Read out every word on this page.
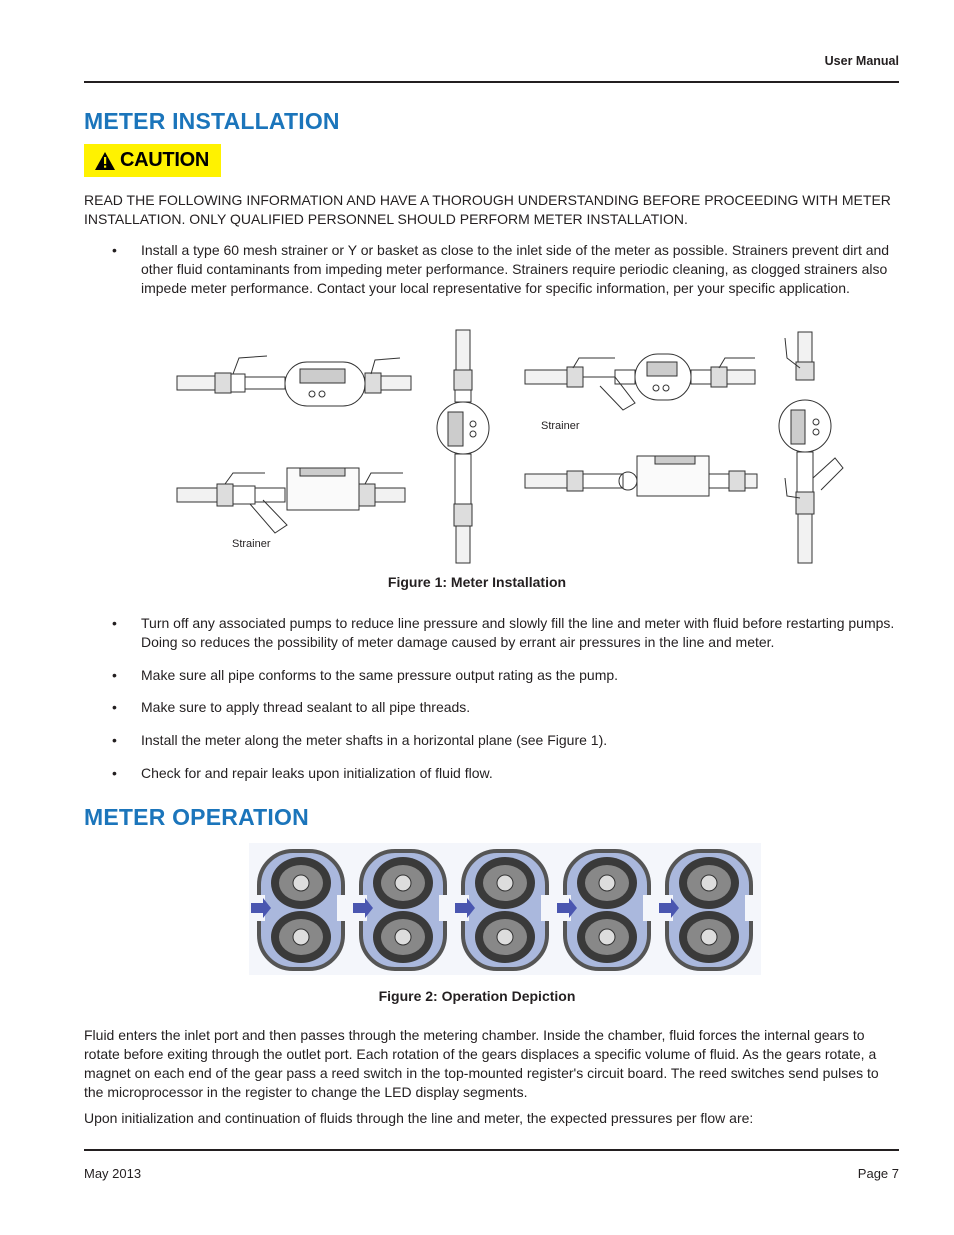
User Manual
METER INSTALLATION
CAUTION

READ THE FOLLOWING INFORMATION AND HAVE A THOROUGH UNDERSTANDING BEFORE PROCEEDING WITH METER INSTALLATION. ONLY QUALIFIED PERSONNEL SHOULD PERFORM METER INSTALLATION.

• Install a type 60 mesh strainer or Y or basket as close to the inlet side of the meter as possible. Strainers prevent dirt and other fluid contaminants from impeding meter performance. Strainers require periodic cleaning, as clogged strainers also impede meter performance. Contact your local representative for specific information, per your specific application.
Strainer
Strainer
Figure 1: Meter Installation
• Turn off any associated pumps to reduce line pressure and slowly fill the line and meter with fluid before restarting pumps. Doing so reduces the possibility of meter damage caused by errant air pressures in the line and meter.
• Make sure all pipe conforms to the same pressure output rating as the pump.
• Make sure to apply thread sealant to all pipe threads.
• Install the meter along the meter shafts in a horizontal plane (see Figure 1).
• Check for and repair leaks upon initialization of fluid flow.
METER OPERATION
Figure 2: Operation Depiction

Fluid enters the inlet port and then passes through the metering chamber. Inside the chamber, fluid forces the internal gears to rotate before exiting through the outlet port. Each rotation of the gears displaces a specific volume of fluid. As the gears rotate, a magnet on each end of the gear pass a reed switch in the top-mounted register's circuit board. The reed switches send pulses to the microprocessor in the register to change the LED display segments.

Upon initialization and continuation of fluids through the line and meter, the expected pressures per flow are:

May 2013	Page 7
